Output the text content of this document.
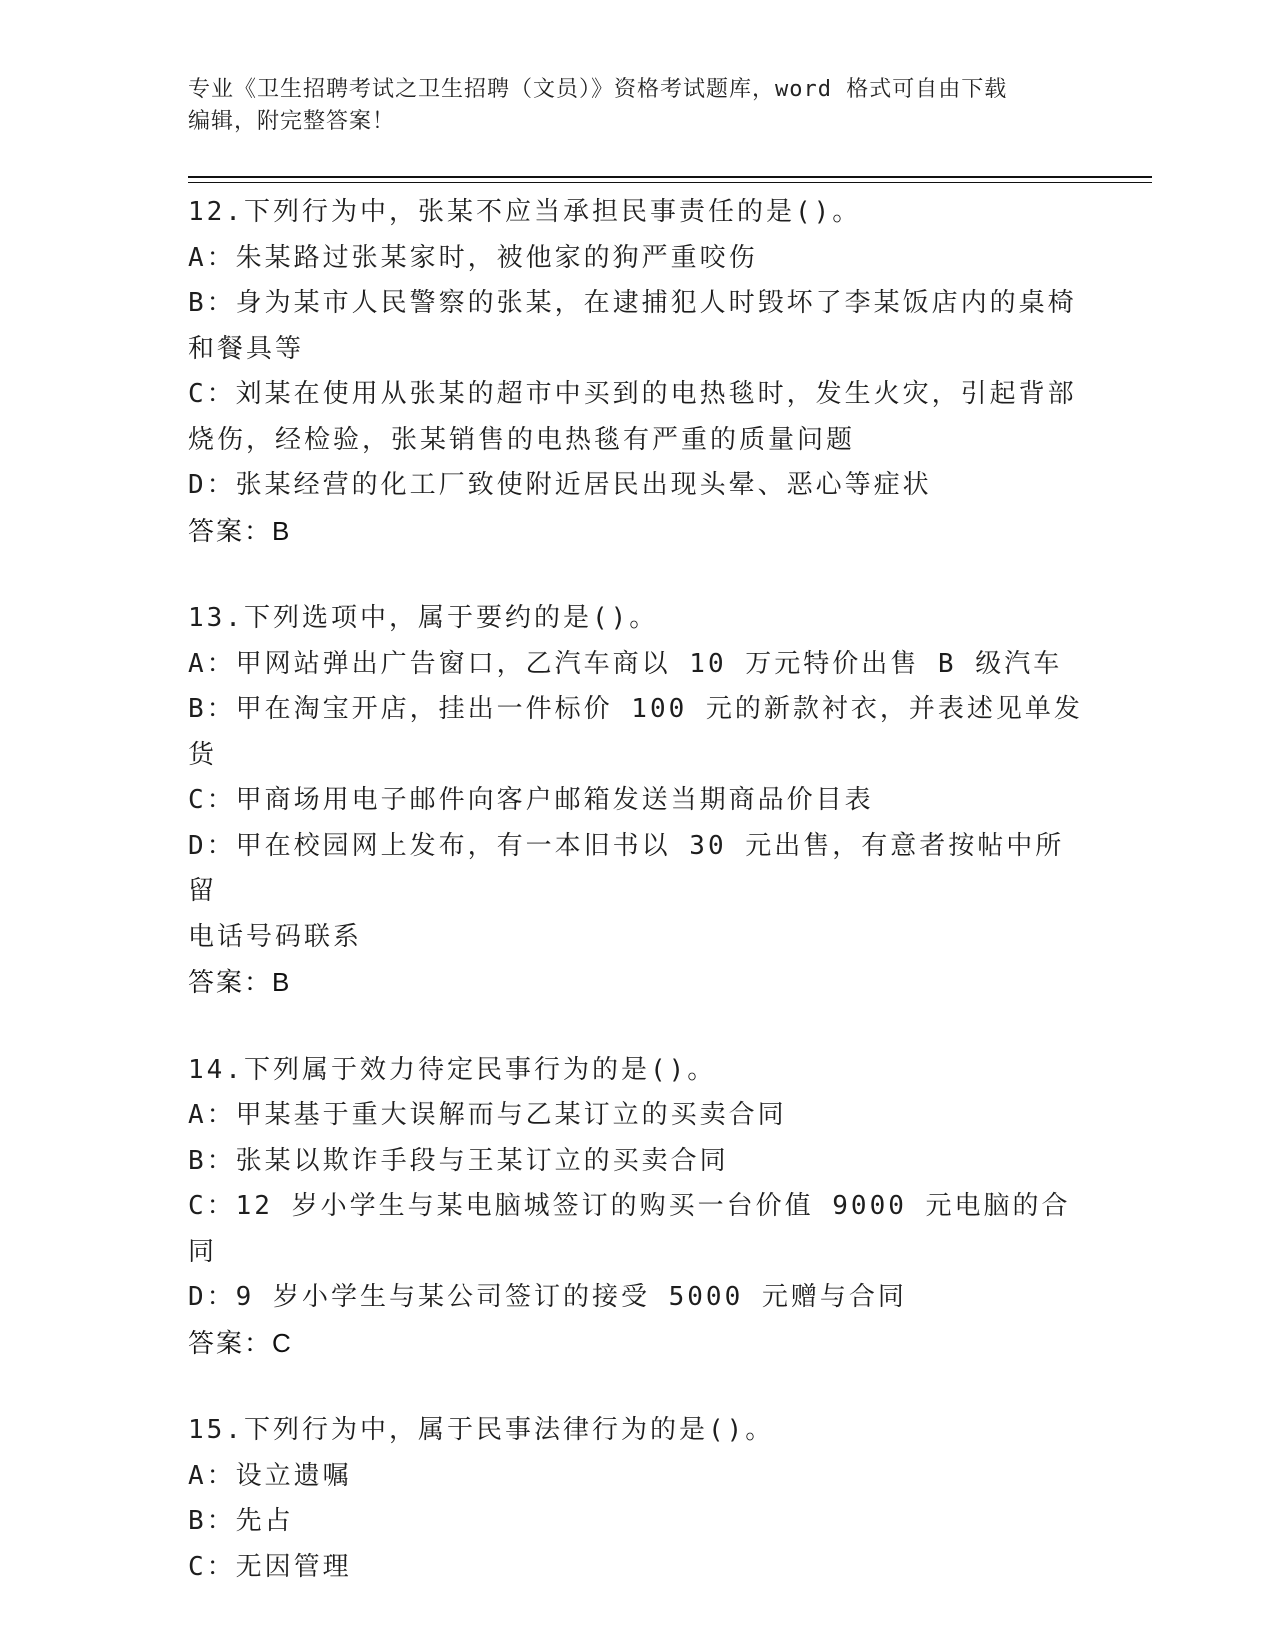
专业《卫生招聘考试之卫生招聘（文员）》资格考试题库，word 格式可自由下载
编辑，附完整答案！
12.下列行为中，张某不应当承担民事责任的是()。
A：朱某路过张某家时，被他家的狗严重咬伤
B：身为某市人民警察的张某，在逮捕犯人时毁坏了李某饭店内的桌椅
和餐具等
C：刘某在使用从张某的超市中买到的电热毯时，发生火灾，引起背部
烧伤，经检验，张某销售的电热毯有严重的质量问题
D：张某经营的化工厂致使附近居民出现头晕、恶心等症状
答案：B
13.下列选项中，属于要约的是()。
A：甲网站弹出广告窗口，乙汽车商以 10 万元特价出售 B 级汽车
B：甲在淘宝开店，挂出一件标价 100 元的新款衬衣，并表述见单发货
C：甲商场用电子邮件向客户邮箱发送当期商品价目表
D：甲在校园网上发布，有一本旧书以 30 元出售，有意者按帖中所留
电话号码联系
答案：B
14.下列属于效力待定民事行为的是()。
A：甲某基于重大误解而与乙某订立的买卖合同
B：张某以欺诈手段与王某订立的买卖合同
C：12 岁小学生与某电脑城签订的购买一台价值 9000 元电脑的合同
D：9 岁小学生与某公司签订的接受 5000 元赠与合同
答案：C
15.下列行为中，属于民事法律行为的是()。
A：设立遗嘱
B：先占
C：无因管理
